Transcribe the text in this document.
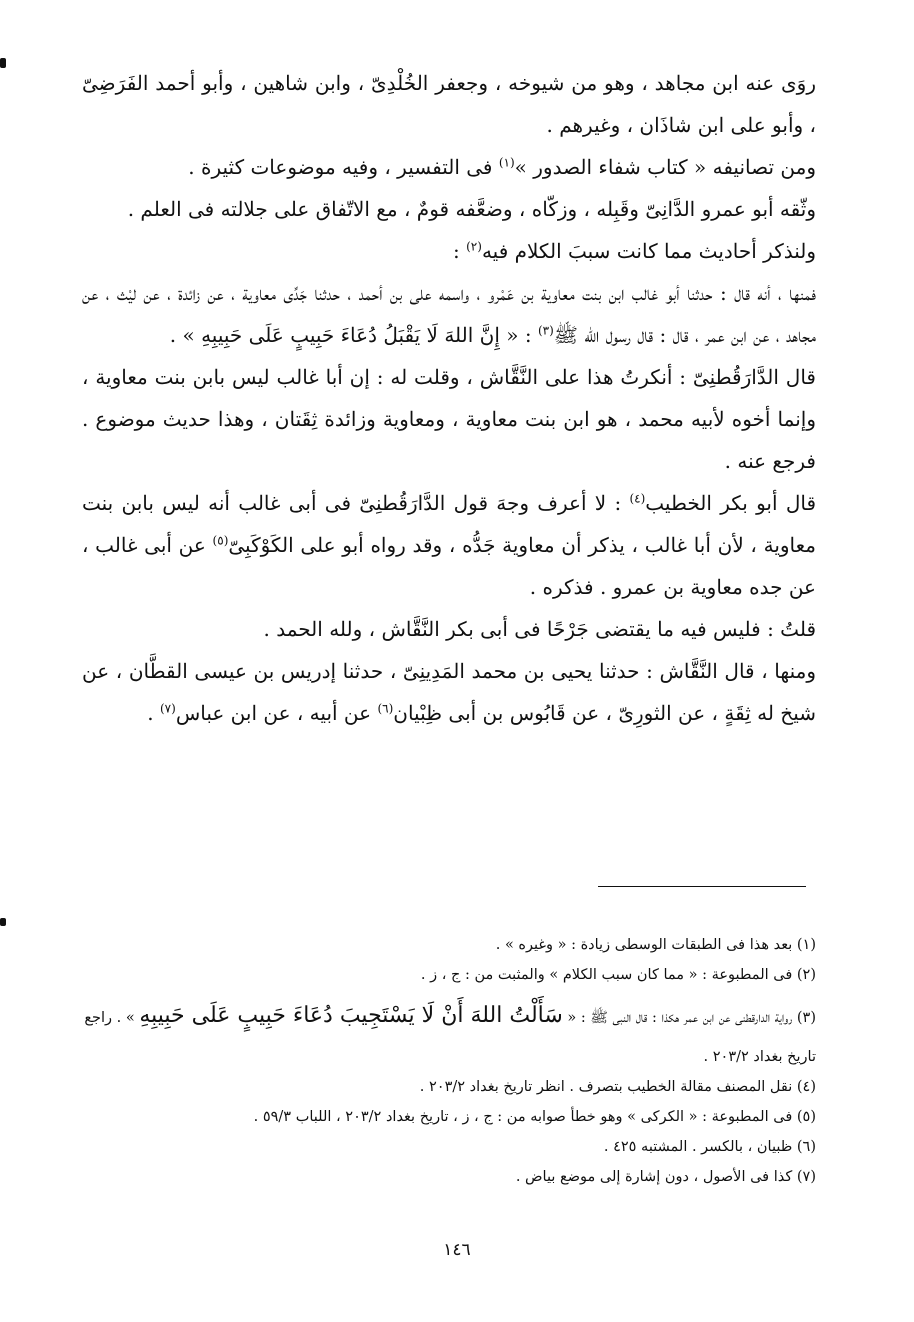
روَى عنه ابن مجاهد ، وهو من شيوخه ، وجعفر الخُلْدِىّ ، وابن شاهين ، وأبو أحمد الفَرَضِىّ ، وأبو على ابن شاذَان ، وغيرهم .

ومن تصانيفه « كتاب شفاء الصدور »$^{(١)}$ فى التفسير ، وفيه موضوعات كثيرة .

وثّقه أبو عمرو الدَّانِىّ وقَبِله ، وزكّاه ، وضعَّفه قومٌ ، مع الاتّفاق على جلالته فى العلم .

ولنذكر أحاديث مما كانت سببَ الكلام فيه$^{(٢)}$ :

فمنها ، أنه قال : حدثنا أبو غالب ابن بنت معاوية بن عَمْرو ، واسمه على بن أحمد ، حدثنا جَدِّى معاوية ، عن زائدة ، عن ليْث ، عن مجاهد ، عن ابن عمر ، قال : قال رسول الله ﷺ$^{(٣)}$ : « إِنَّ اللهَ لَا يَقْبَلُ دُعَاءَ حَبِيبٍ عَلَى حَبِيبِهِ » .

قال الدَّارَقُطنِىّ : أنكرتُ هذا على النَّقَّاش ، وقلت له : إن أبا غالب ليس بابن بنت معاوية ، وإنما أخوه لأبيه محمد ، هو ابن بنت معاوية ، ومعاوية وزائدة ثِقَتان ، وهذا حديث موضوع . فرجع عنه .

قال أبو بكر الخطيب$^{(٤)}$ : لا أعرف وجهَ قول الدَّارَقُطنِىّ فى أبى غالب أنه ليس بابن بنت معاوية ، لأن أبا غالب ، يذكر أن معاوية جَدُّه ، وقد رواه أبو على الكَوْكَبِىّ$^{(٥)}$ عن أبى غالب ، عن جده معاوية بن عمرو . فذكره .

قلتُ : فليس فيه ما يقتضى جَرْحًا فى أبى بكر النَّقَّاش ، ولله الحمد .

ومنها ، قال النَّقَّاش : حدثنا يحيى بن محمد المَدِينِىّ ، حدثنا إدريس بن عيسى القطَّان ، عن شيخ له ثِقَةٍ ، عن الثورِىّ ، عن قَابُوس بن أبى ظِبْيان$^{(٦)}$ عن أبيه ، عن ابن عباس$^{(٧)}$ .

(١) بعد هذا فى الطبقات الوسطى زيادة : « وغيره » .

(٢) فى المطبوعة : « مما كان سبب الكلام » والمثبت من : ج ، ز .

(٣) رواية الدارقطنى عن ابن عمر هكذا : قال النبى ﷺ : « سَأَلْتُ اللهَ أَنْ لَا يَسْتَجِيبَ دُعَاءَ حَبِيبٍ عَلَى حَبِيبِهِ » . راجع تاريخ بغداد ٢٠٣/٢ .

(٤) نقل المصنف مقالة الخطيب بتصرف . انظر تاريخ بغداد ٢٠٣/٢ .

(٥) فى المطبوعة : « الكركى » وهو خطأ صوابه من : ج ، ز ، تاريخ بغداد ٢٠٣/٢ ، اللباب ٥٩/٣ .

(٦) ظبيان ، بالكسر . المشتبه ٤٢٥ .

(٧) كذا فى الأصول ، دون إشارة إلى موضع بياض .

١٤٦
